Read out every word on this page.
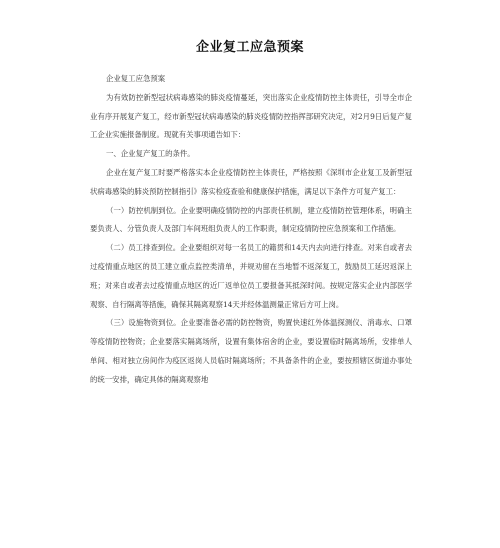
企业复工应急预案

企业复工应急预案

为有效防控新型冠状病毒感染的肺炎疫情蔓延，突出落实企业疫情防控主体责任，引导全市企业有序开展复产复工，经市新型冠状病毒感染的肺炎疫情防控指挥部研究决定，对2月9日后复产复工企业实施报备制度。现就有关事项通告如下：

一、企业复产复工的条件。

企业在复产复工时要严格落实本企业疫情防控主体责任，严格按照《深圳市企业复工及新型冠状病毒感染的肺炎预防控制指引》落实检疫查验和健康保护措施，满足以下条件方可复产复工：

（一）防控机制到位。企业要明确疫情防控的内部责任机制，建立疫情防控管理体系，明确主要负责人、分管负责人及部门车间班组负责人的工作职责，制定疫情防控应急预案和工作措施。

（二）员工排查到位。企业要组织对每一名员工的籍贯和14天内去向进行排查。对来自或者去过疫情重点地区的员工建立重点监控类清单，并规劝留在当地暂不返深复工，鼓励员工延迟返深上班；对来自或者去过疫情重点地区的近厂返单位员工要报备其抵深时间。按规定落实企业内部医学观察、自行隔离等措施，确保其隔离观察14天并经体温测量正常后方可上岗。

（三）设施物资到位。企业要准备必需的防控物资，购置快速红外体温探测仪、消毒水、口罩等疫情防控物资；企业要落实隔离场所，设置有集体宿舍的企业，要设置临时隔离场所，安排单人单间、相对独立房间作为疫区返岗人员临时隔离场所；不具备条件的企业，要按照辖区街道办事处的统一安排，确定具体的隔离观察地
